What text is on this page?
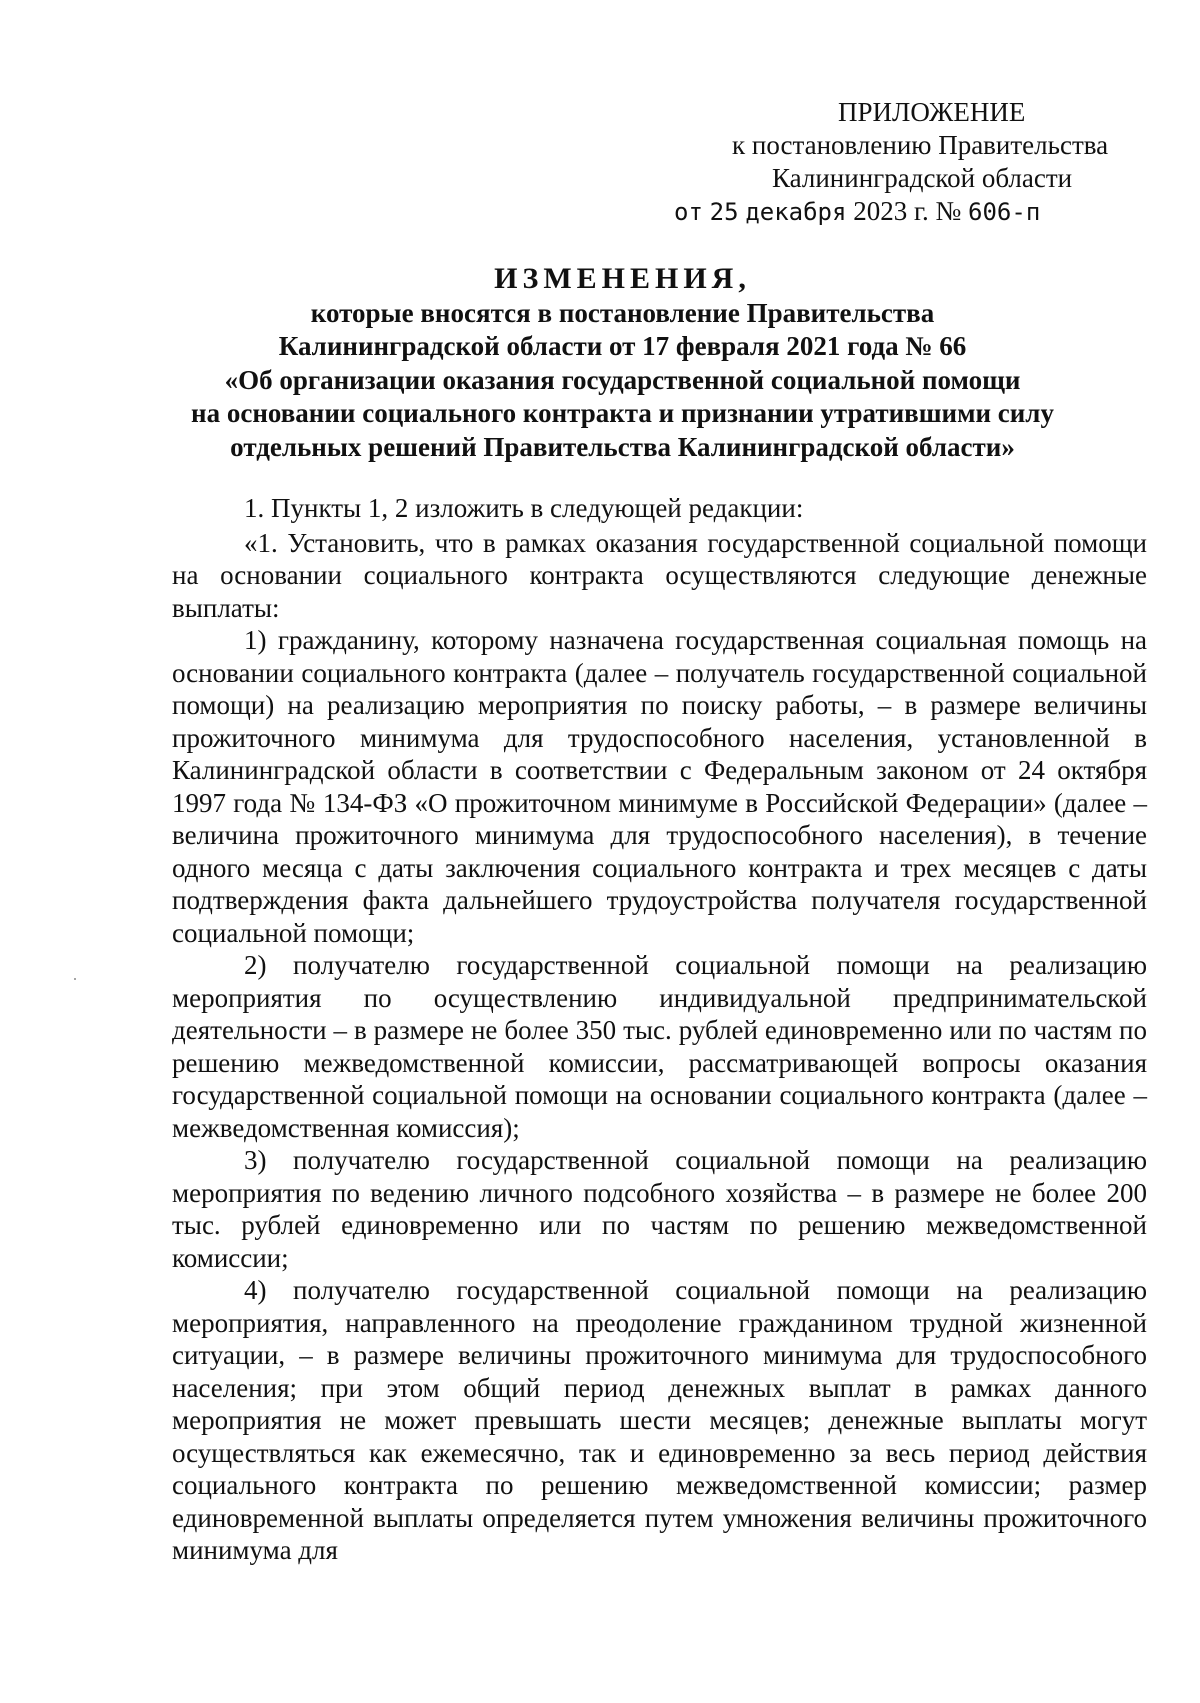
ПРИЛОЖЕНИЕ
к постановлению Правительства
Калининградской области
от 25 декабря 2023 г. № 606-п
ИЗМЕНЕНИЯ,
которые вносятся в постановление Правительства
Калининградской области от 17 февраля 2021 года № 66
«Об организации оказания государственной социальной помощи
на основании социального контракта и признании утратившими силу
отдельных решений Правительства Калининградской области»

1. Пункты 1, 2 изложить в следующей редакции:

«1. Установить, что в рамках оказания государственной социальной помощи на основании социального контракта осуществляются следующие денежные выплаты:

1) гражданину, которому назначена государственная социальная помощь на основании социального контракта (далее – получатель государственной социальной помощи) на реализацию мероприятия по поиску работы, – в размере величины прожиточного минимума для трудоспособного населения, установленной в Калининградской области в соответствии с Федеральным законом от 24 октября 1997 года № 134-ФЗ «О прожиточном минимуме в Российской Федерации» (далее – величина прожиточного минимума для трудоспособного населения), в течение одного месяца с даты заключения социального контракта и трех месяцев с даты подтверждения факта дальнейшего трудоустройства получателя государственной социальной помощи;

2) получателю государственной социальной помощи на реализацию мероприятия по осуществлению индивидуальной предпринимательской деятельности – в размере не более 350 тыс. рублей единовременно или по частям по решению межведомственной комиссии, рассматривающей вопросы оказания государственной социальной помощи на основании социального контракта (далее – межведомственная комиссия);

3) получателю государственной социальной помощи на реализацию мероприятия по ведению личного подсобного хозяйства – в размере не более 200 тыс. рублей единовременно или по частям по решению межведомственной комиссии;

4) получателю государственной социальной помощи на реализацию мероприятия, направленного на преодоление гражданином трудной жизненной ситуации, – в размере величины прожиточного минимума для трудоспособного населения; при этом общий период денежных выплат в рамках данного мероприятия не может превышать шести месяцев; денежные выплаты могут осуществляться как ежемесячно, так и единовременно за весь период действия социального контракта по решению межведомственной комиссии; размер единовременной выплаты определяется путем умножения величины прожиточного минимума для
